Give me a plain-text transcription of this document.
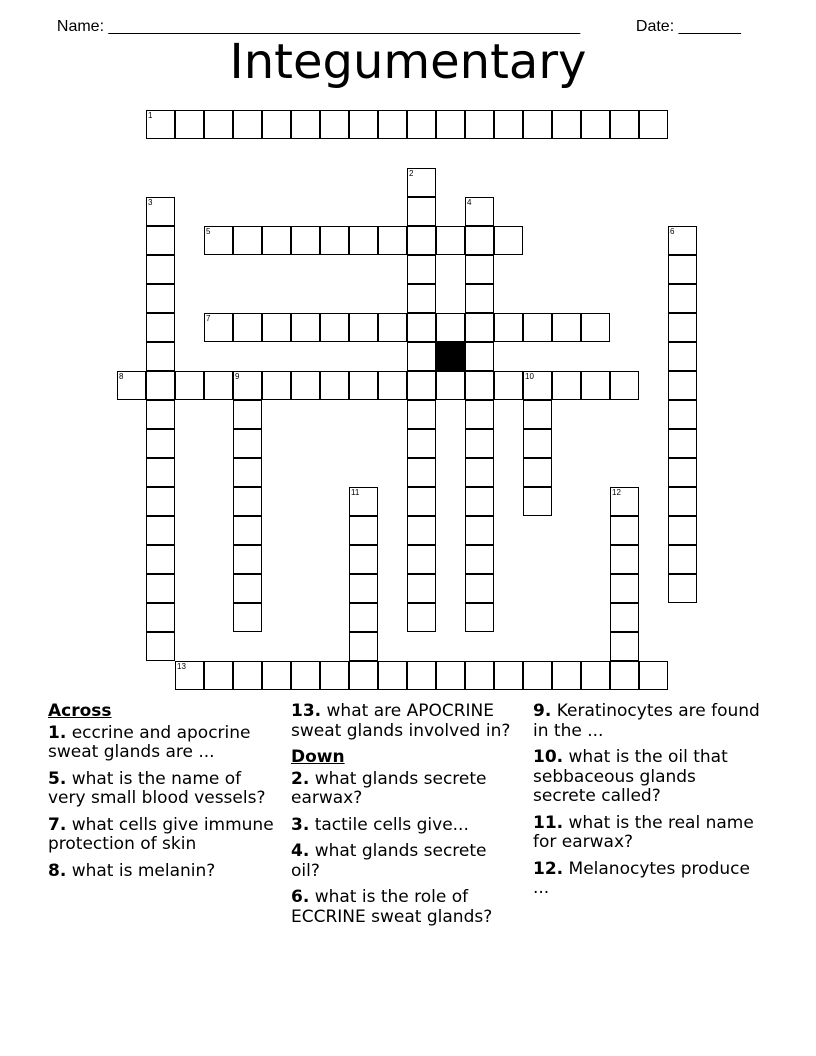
Name: _____________________________________________________	Date: _______

Integumentary
1
2
3	4
5	6
7
8	9	10
11	12
13
Across
1. eccrine and apocrine sweat glands are ...
5. what is the name of very small blood vessels?
7. what cells give immune protection of skin
8. what is melanin?
13. what are APOCRINE sweat glands involved in?
Down
2. what glands secrete earwax?
3. tactile cells give...
4. what glands secrete oil?
6. what is the role of ECCRINE sweat glands?
9. Keratinocytes are found in the ...
10. what is the oil that sebbaceous glands secrete called?
11. what is the real name for earwax?
12. Melanocytes produce ...
